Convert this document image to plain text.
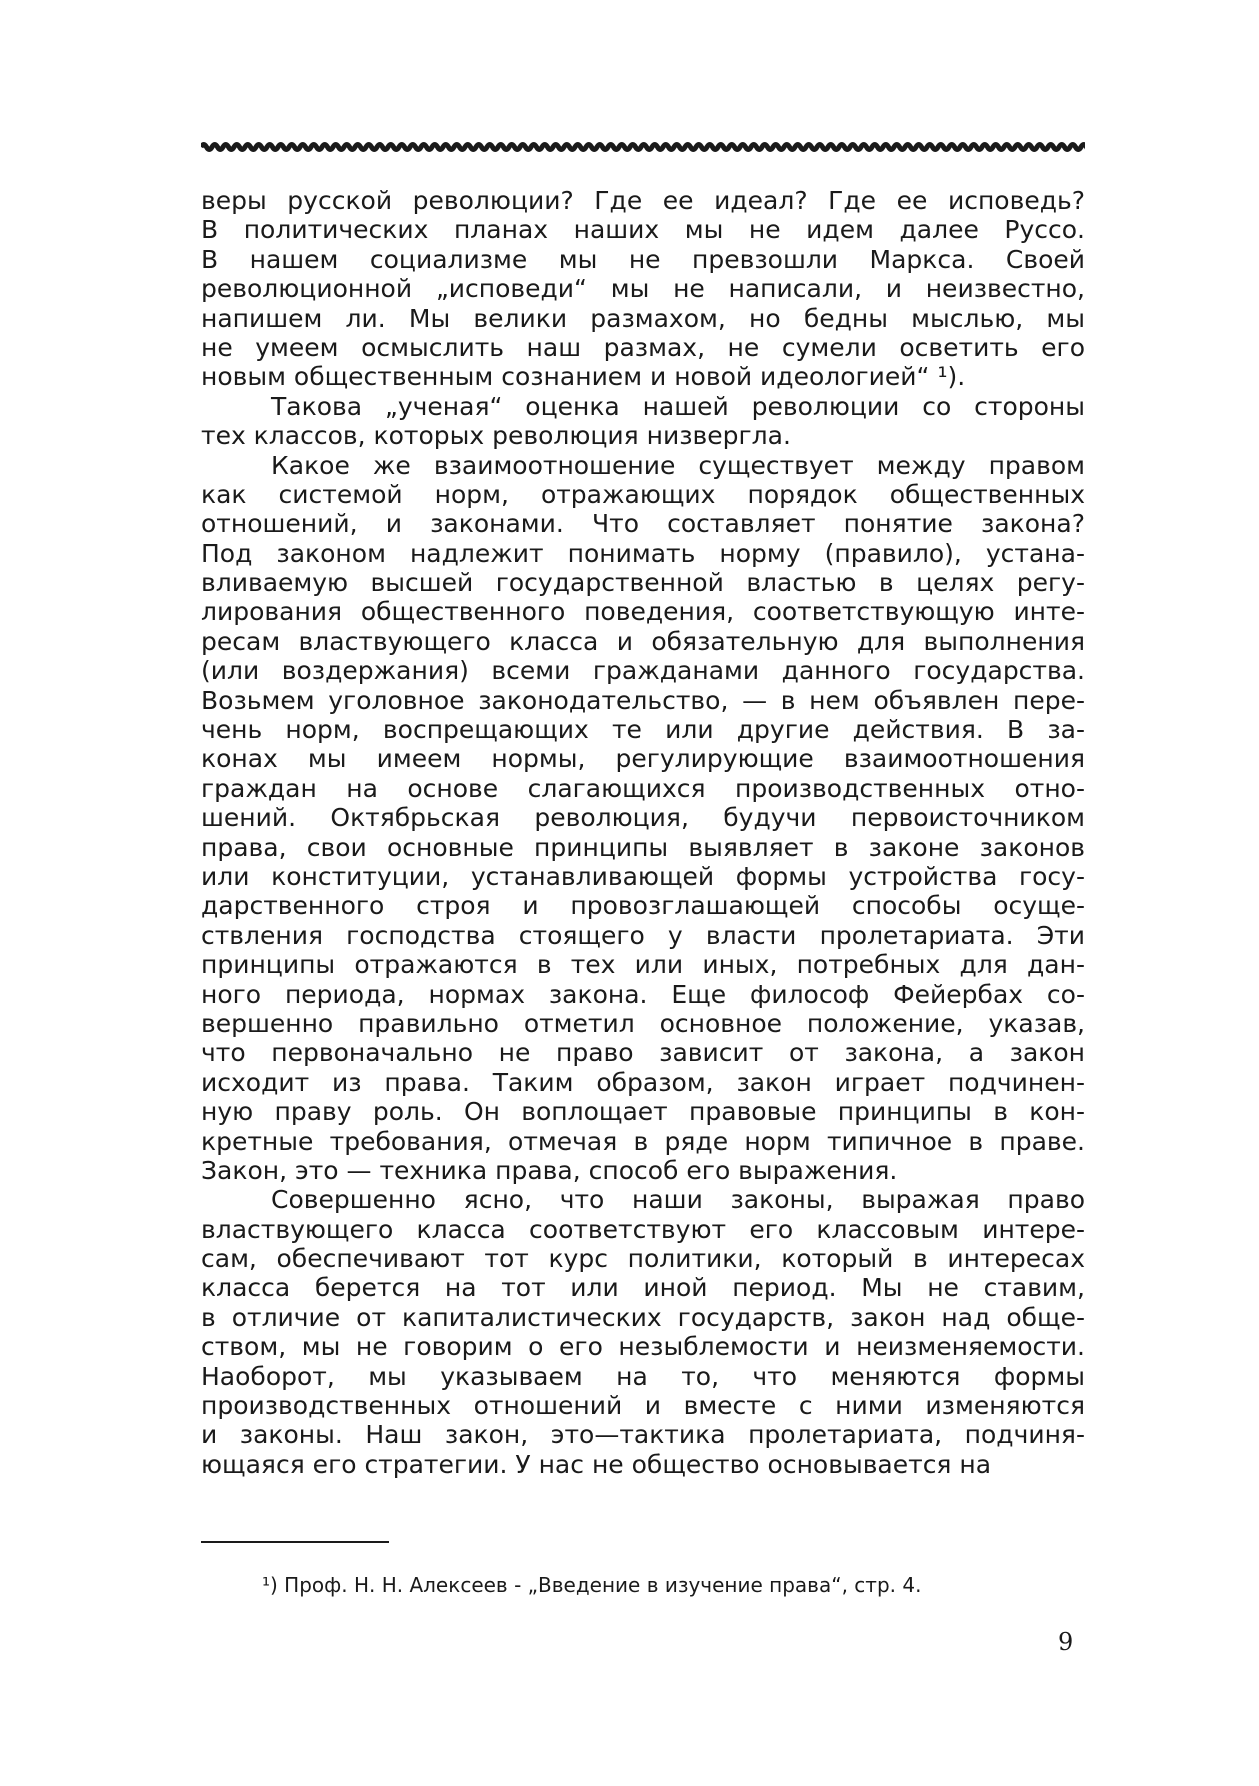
веры русской революции? Где ее идеал? Где ее исповедь?
В политических планах наших мы не идем далее Руссо.
В нашем социализме мы не превзошли Маркса. Своей
революционной „исповеди“ мы не написали, и неизвестно,
напишем ли. Мы велики размахом, но бедны мыслью, мы
не умеем осмыслить наш размах, не сумели осветить его
новым общественным сознанием и новой идеологией“ ¹).
Такова „ученая“ оценка нашей революции со стороны
тех классов, которых революция низвергла.
Какое же взаимоотношение существует между правом
как системой норм, отражающих порядок общественных
отношений, и законами. Что составляет понятие закона?
Под законом надлежит понимать норму (правило), устана-
вливаемую высшей государственной властью в целях регу-
лирования общественного поведения, соответствующую инте-
ресам властвующего класса и обязательную для выполнения
(или воздержания) всеми гражданами данного государства.
Возьмем уголовное законодательство, — в нем объявлен пере-
чень норм, воспрещающих те или другие действия. В за-
конах мы имеем нормы, регулирующие взаимоотношения
граждан на основе слагающихся производственных отно-
шений. Октябрьская революция, будучи первоисточником
права, свои основные принципы выявляет в законе законов
или конституции, устанавливающей формы устройства госу-
дарственного строя и провозглашающей способы осуще-
ствления господства стоящего у власти пролетариата. Эти
принципы отражаются в тех или иных, потребных для дан-
ного периода, нормах закона. Еще философ Фейербах со-
вершенно правильно отметил основное положение, указав,
что первоначально не право зависит от закона, а закон
исходит из права. Таким образом, закон играет подчинен-
ную праву роль. Он воплощает правовые принципы в кон-
кретные требования, отмечая в ряде норм типичное в праве.
Закон, это — техника права, способ его выражения.
Совершенно ясно, что наши законы, выражая право
властвующего класса соответствуют его классовым интере-
сам, обеспечивают тот курс политики, который в интересах
класса берется на тот или иной период. Мы не ставим,
в отличие от капиталистических государств, закон над обще-
ством, мы не говорим о его незыблемости и неизменяемости.
Наоборот, мы указываем на то, что меняются формы
производственных отношений и вместе с ними изменяются
и законы. Наш закон, это—тактика пролетариата, подчиня-
ющаяся его стратегии. У нас не общество основывается на
¹) Проф. Н. Н. Алексеев - „Введение в изучение права“, стр. 4.
9
